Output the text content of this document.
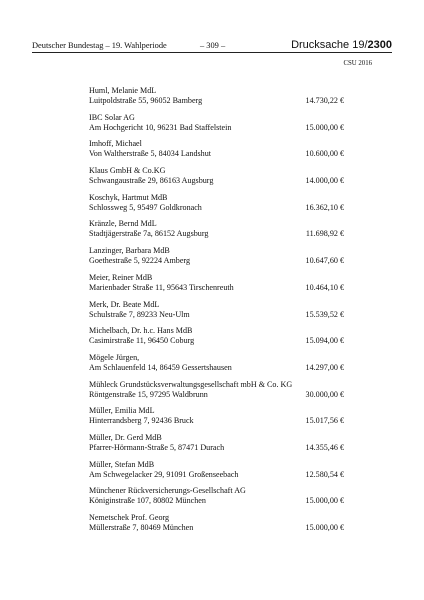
Deutscher Bundestag – 19. Wahlperiode	– 309 –	Drucksache 19/2300
CSU 2016
Huml, Melanie MdL
Luitpoldstraße 55, 96052 Bamberg	14.730,22 €
IBC Solar AG
Am Hochgericht 10, 96231 Bad Staffelstein	15.000,00 €
Imhoff, Michael
Von Waltherstraße 5, 84034 Landshut	10.600,00 €
Klaus GmbH & Co.KG
Schwangaustraße 29, 86163 Augsburg	14.000,00 €
Koschyk, Hartmut MdB
Schlossweg 5, 95497 Goldkronach	16.362,10 €
Kränzle, Bernd MdL
Stadtjägerstraße 7a, 86152 Augsburg	11.698,92 €
Lanzinger, Barbara MdB
Goethestraße 5, 92224 Amberg	10.647,60 €
Meier, Reiner MdB
Marienbader Straße 11, 95643 Tirschenreuth	10.464,10 €
Merk, Dr. Beate MdL
Schulstraße 7, 89233 Neu-Ulm	15.539,52 €
Michelbach, Dr. h.c. Hans MdB
Casimirstraße 11, 96450 Coburg	15.094,00 €
Mögele Jürgen,
Am Schlauenfeld 14, 86459 Gessertshausen	14.297,00 €
Mühleck Grundstücksverwaltungsgesellschaft mbH & Co. KG
Röntgenstraße 15, 97295 Waldbrunn	30.000,00 €
Müller, Emilia MdL
Hinterrandsberg 7, 92436 Bruck	15.017,56 €
Müller, Dr. Gerd MdB
Pfarrer-Hörmann-Straße 5, 87471 Durach	14.355,46 €
Müller, Stefan MdB
Am Schwegelacker 29, 91091 Großenseebach	12.580,54 €
Münchener Rückversicherungs-Gesellschaft AG
Königinstraße 107, 80802 München	15.000,00 €
Nemetschek Prof. Georg
Müllerstraße 7, 80469 München	15.000,00 €
